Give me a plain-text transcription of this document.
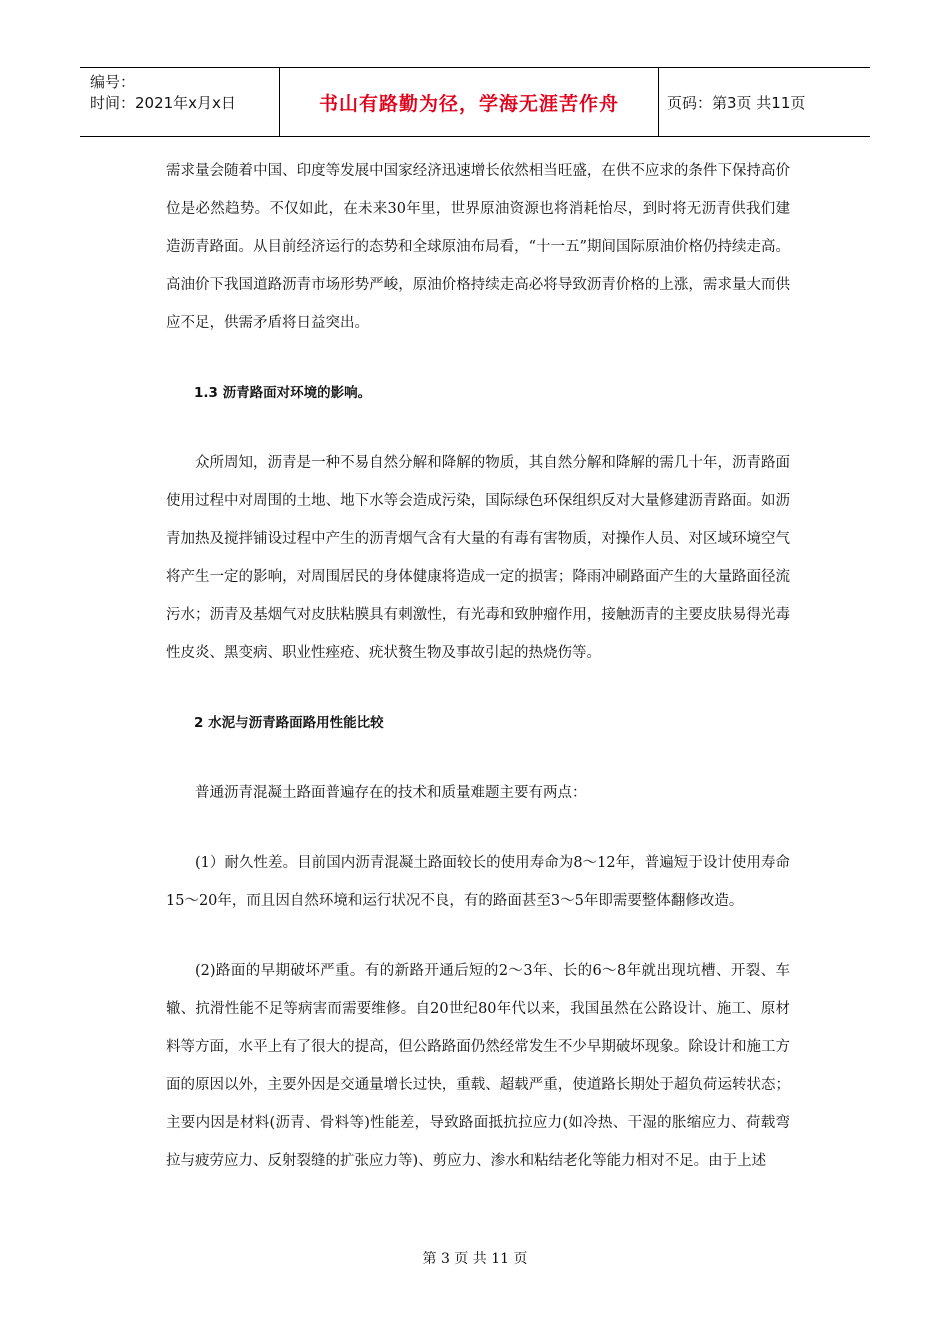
编号：
时间：2021年x月x日	书山有路勤为径，学海无涯苦作舟	页码：第3页 共11页

需求量会随着中国、印度等发展中国家经济迅速增长依然相当旺盛，在供不应求的条件下保持高价位是必然趋势。不仅如此，在未来30年里，世界原油资源也将消耗怡尽，到时将无沥青供我们建造沥青路面。从目前经济运行的态势和全球原油布局看，“十一五”期间国际原油价格仍持续走高。高油价下我国道路沥青市场形势严峻，原油价格持续走高必将导致沥青价格的上涨，需求量大而供应不足，供需矛盾将日益突出。

1.3 沥青路面对环境的影响。

众所周知，沥青是一种不易自然分解和降解的物质，其自然分解和降解的需几十年，沥青路面使用过程中对周围的土地、地下水等会造成污染，国际绿色环保组织反对大量修建沥青路面。如沥青加热及搅拌铺设过程中产生的沥青烟气含有大量的有毒有害物质，对操作人员、对区域环境空气将产生一定的影响，对周围居民的身体健康将造成一定的损害；降雨冲刷路面产生的大量路面径流污水；沥青及基烟气对皮肤粘膜具有刺激性，有光毒和致肿瘤作用，接触沥青的主要皮肤易得光毒性皮炎、黑变病、职业性痤疮、疣状赘生物及事故引起的热烧伤等。

2 水泥与沥青路面路用性能比较

普通沥青混凝土路面普遍存在的技术和质量难题主要有两点：

(1）耐久性差。目前国内沥青混凝土路面较长的使用寿命为8～12年，普遍短于设计使用寿命15～20年，而且因自然环境和运行状况不良，有的路面甚至3～5年即需要整体翻修改造。

(2)路面的早期破坏严重。有的新路开通后短的2～3年、长的6～8年就出现坑槽、开裂、车辙、抗滑性能不足等病害而需要维修。自20世纪80年代以来，我国虽然在公路设计、施工、原材料等方面，水平上有了很大的提高，但公路路面仍然经常发生不少早期破坏现象。除设计和施工方面的原因以外，主要外因是交通量增长过快，重载、超载严重，使道路长期处于超负荷运转状态；主要内因是材料(沥青、骨料等)性能差，导致路面抵抗拉应力(如冷热、干湿的胀缩应力、荷载弯拉与疲劳应力、反射裂缝的扩张应力等)、剪应力、渗水和粘结老化等能力相对不足。由于上述

第 3 页 共 11 页
